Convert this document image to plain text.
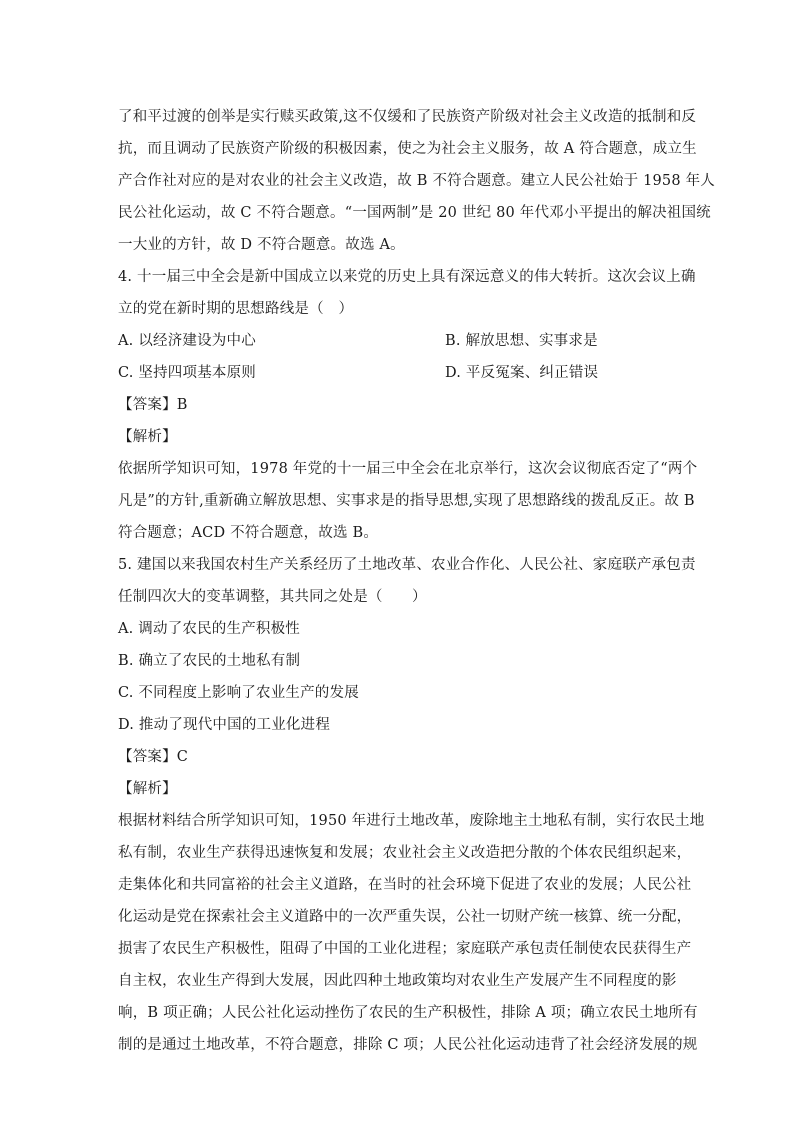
了和平过渡的创举是实行赎买政策,这不仅缓和了民族资产阶级对社会主义改造的抵制和反
抗，而且调动了民族资产阶级的积极因素，使之为社会主义服务，故 A 符合题意，成立生
产合作社对应的是对农业的社会主义改造，故 B 不符合题意。建立人民公社始于 1958 年人
民公社化运动，故 C 不符合题意。“一国两制”是 20 世纪 80 年代邓小平提出的解决祖国统
一大业的方针，故 D 不符合题意。故选 A。
4. 十一届三中全会是新中国成立以来党的历史上具有深远意义的伟大转折。这次会议上确
立的党在新时期的思想路线是（　）
A. 以经济建设为中心	B. 解放思想、实事求是
C. 坚持四项基本原则	D. 平反冤案、纠正错误
【答案】B
【解析】
依据所学知识可知，1978 年党的十一届三中全会在北京举行，这次会议彻底否定了“两个
凡是”的方针,重新确立解放思想、实事求是的指导思想,实现了思想路线的拨乱反正。故 B
符合题意；ACD 不符合题意，故选 B。
5. 建国以来我国农村生产关系经历了土地改革、农业合作化、人民公社、家庭联产承包责
任制四次大的变革调整，其共同之处是（　　）
A. 调动了农民的生产积极性
B. 确立了农民的土地私有制
C. 不同程度上影响了农业生产的发展
D. 推动了现代中国的工业化进程
【答案】C
【解析】
根据材料结合所学知识可知，1950 年进行土地改革，废除地主土地私有制，实行农民土地
私有制，农业生产获得迅速恢复和发展；农业社会主义改造把分散的个体农民组织起来，
走集体化和共同富裕的社会主义道路，在当时的社会环境下促进了农业的发展；人民公社
化运动是党在探索社会主义道路中的一次严重失误，公社一切财产统一核算、统一分配，
损害了农民生产积极性，阻碍了中国的工业化进程；家庭联产承包责任制使农民获得生产
自主权，农业生产得到大发展，因此四种土地政策均对农业生产发展产生不同程度的影
响，B 项正确；人民公社化运动挫伤了农民的生产积极性，排除 A 项；确立农民土地所有
制的是通过土地改革，不符合题意，排除 C 项；人民公社化运动违背了社会经济发展的规
